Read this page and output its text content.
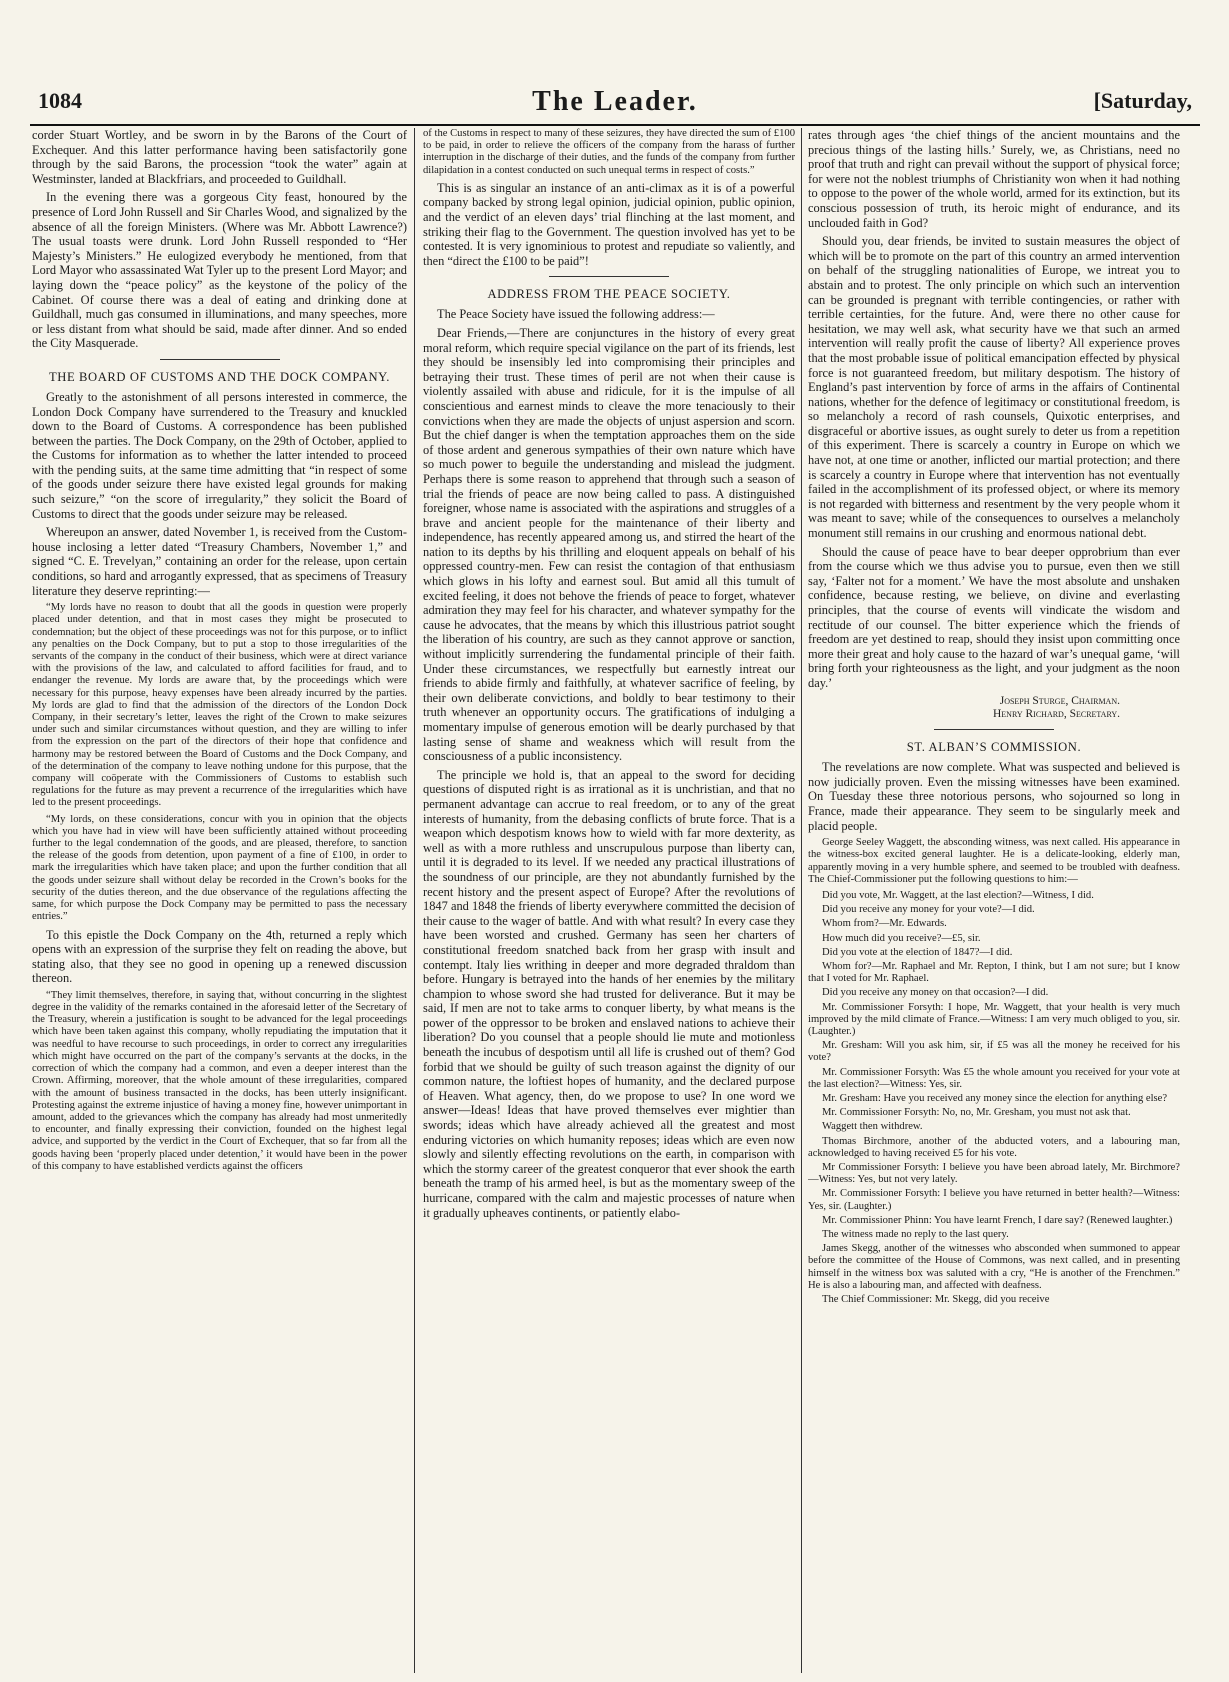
1084	The Leader.	[Saturday,

corder Stuart Wortley, and be sworn in by the Barons of the Court of Exchequer. And this latter performance having been satisfactorily gone through by the said Barons, the procession “took the water” again at Westminster, landed at Blackfriars, and proceeded to Guildhall.

In the evening there was a gorgeous City feast, honoured by the presence of Lord John Russell and Sir Charles Wood, and signalized by the absence of all the foreign Ministers. (Where was Mr. Abbott Lawrence?) The usual toasts were drunk. Lord John Russell responded to “Her Majesty’s Ministers.” He eulogized everybody he mentioned, from that Lord Mayor who assassinated Wat Tyler up to the present Lord Mayor; and laying down the “peace policy” as the keystone of the policy of the Cabinet. Of course there was a deal of eating and drinking done at Guildhall, much gas consumed in illuminations, and many speeches, more or less distant from what should be said, made after dinner. And so ended the City Masquerade.

THE BOARD OF CUSTOMS AND THE DOCK COMPANY.

Greatly to the astonishment of all persons interested in commerce, the London Dock Company have surrendered to the Treasury and knuckled down to the Board of Customs. A correspondence has been published between the parties. The Dock Company, on the 29th of October, applied to the Customs for information as to whether the latter intended to proceed with the pending suits, at the same time admitting that “in respect of some of the goods under seizure there have existed legal grounds for making such seizure,” “on the score of irregularity,” they solicit the Board of Customs to direct that the goods under seizure may be released.

Whereupon an answer, dated November 1, is received from the Custom-house inclosing a letter dated “Treasury Chambers, November 1,” and signed “C. E. Trevelyan,” containing an order for the release, upon certain conditions, so hard and arrogantly expressed, that as specimens of Treasury literature they deserve reprinting:—

“My lords have no reason to doubt that all the goods in question were properly placed under detention, and that in most cases they might be prosecuted to condemnation; but the object of these proceedings was not for this purpose, or to inflict any penalties on the Dock Company, but to put a stop to those irregularities of the servants of the company in the conduct of their business, which were at direct variance with the provisions of the law, and calculated to afford facilities for fraud, and to endanger the revenue. My lords are aware that, by the proceedings which were necessary for this purpose, heavy expenses have been already incurred by the parties. My lords are glad to find that the admission of the directors of the London Dock Company, in their secretary’s letter, leaves the right of the Crown to make seizures under such and similar circumstances without question, and they are willing to infer from the expression on the part of the directors of their hope that confidence and harmony may be restored between the Board of Customs and the Dock Company, and of the determination of the company to leave nothing undone for this purpose, that the company will coöperate with the Commissioners of Customs to establish such regulations for the future as may prevent a recurrence of the irregularities which have led to the present proceedings.

“My lords, on these considerations, concur with you in opinion that the objects which you have had in view will have been sufficiently attained without proceeding further to the legal condemnation of the goods, and are pleased, therefore, to sanction the release of the goods from detention, upon payment of a fine of £100, in order to mark the irregularities which have taken place; and upon the further condition that all the goods under seizure shall without delay be recorded in the Crown’s books for the security of the duties thereon, and the due observance of the regulations affecting the same, for which purpose the Dock Company may be permitted to pass the necessary entries.”

To this epistle the Dock Company on the 4th, returned a reply which opens with an expression of the surprise they felt on reading the above, but stating also, that they see no good in opening up a renewed discussion thereon.

“They limit themselves, therefore, in saying that, without concurring in the slightest degree in the validity of the remarks contained in the aforesaid letter of the Secretary of the Treasury, wherein a justification is sought to be advanced for the legal proceedings which have been taken against this company, wholly repudiating the imputation that it was needful to have recourse to such proceedings, in order to correct any irregularities which might have occurred on the part of the company’s servants at the docks, in the correction of which the company had a common, and even a deeper interest than the Crown. Affirming, moreover, that the whole amount of these irregularities, compared with the amount of business transacted in the docks, has been utterly insignificant. Protesting against the extreme injustice of having a money fine, however unimportant in amount, added to the grievances which the company has already had most unmeritedly to encounter, and finally expressing their conviction, founded on the highest legal advice, and supported by the verdict in the Court of Exchequer, that so far from all the goods having been ‘properly placed under detention,’ it would have been in the power of this company to have established verdicts against the officers

of the Customs in respect to many of these seizures, they have directed the sum of £100 to be paid, in order to relieve the officers of the company from the harass of further interruption in the discharge of their duties, and the funds of the company from further dilapidation in a contest conducted on such unequal terms in respect of costs.”

This is as singular an instance of an anti-climax as it is of a powerful company backed by strong legal opinion, judicial opinion, public opinion, and the verdict of an eleven days’ trial flinching at the last moment, and striking their flag to the Government. The question involved has yet to be contested. It is very ignominious to protest and repudiate so valiently, and then “direct the £100 to be paid”!

ADDRESS FROM THE PEACE SOCIETY.

The Peace Society have issued the following address:—

Dear Friends,—There are conjunctures in the history of every great moral reform, which require special vigilance on the part of its friends, lest they should be insensibly led into compromising their principles and betraying their trust. These times of peril are not when their cause is violently assailed with abuse and ridicule, for it is the impulse of all conscientious and earnest minds to cleave the more tenaciously to their convictions when they are made the objects of unjust aspersion and scorn. But the chief danger is when the temptation approaches them on the side of those ardent and generous sympathies of their own nature which have so much power to beguile the understanding and mislead the judgment. Perhaps there is some reason to apprehend that through such a season of trial the friends of peace are now being called to pass. A distinguished foreigner, whose name is associated with the aspirations and struggles of a brave and ancient people for the maintenance of their liberty and independence, has recently appeared among us, and stirred the heart of the nation to its depths by his thrilling and eloquent appeals on behalf of his oppressed country-men. Few can resist the contagion of that enthusiasm which glows in his lofty and earnest soul. But amid all this tumult of excited feeling, it does not behove the friends of peace to forget, whatever admiration they may feel for his character, and whatever sympathy for the cause he advocates, that the means by which this illustrious patriot sought the liberation of his country, are such as they cannot approve or sanction, without implicitly surrendering the fundamental principle of their faith. Under these circumstances, we respectfully but earnestly intreat our friends to abide firmly and faithfully, at whatever sacrifice of feeling, by their own deliberate convictions, and boldly to bear testimony to their truth whenever an opportunity occurs. The gratifications of indulging a momentary impulse of generous emotion will be dearly purchased by that lasting sense of shame and weakness which will result from the consciousness of a public inconsistency.

The principle we hold is, that an appeal to the sword for deciding questions of disputed right is as irrational as it is unchristian, and that no permanent advantage can accrue to real freedom, or to any of the great interests of humanity, from the debasing conflicts of brute force. That is a weapon which despotism knows how to wield with far more dexterity, as well as with a more ruthless and unscrupulous purpose than liberty can, until it is degraded to its level. If we needed any practical illustrations of the soundness of our principle, are they not abundantly furnished by the recent history and the present aspect of Europe? After the revolutions of 1847 and 1848 the friends of liberty everywhere committed the decision of their cause to the wager of battle. And with what result? In every case they have been worsted and crushed. Germany has seen her charters of constitutional freedom snatched back from her grasp with insult and contempt. Italy lies writhing in deeper and more degraded thraldom than before. Hungary is betrayed into the hands of her enemies by the military champion to whose sword she had trusted for deliverance. But it may be said, If men are not to take arms to conquer liberty, by what means is the power of the oppressor to be broken and enslaved nations to achieve their liberation? Do you counsel that a people should lie mute and motionless beneath the incubus of despotism until all life is crushed out of them? God forbid that we should be guilty of such treason against the dignity of our common nature, the loftiest hopes of humanity, and the declared purpose of Heaven. What agency, then, do we propose to use? In one word we answer—Ideas! Ideas that have proved themselves ever mightier than swords; ideas which have already achieved all the greatest and most enduring victories on which humanity reposes; ideas which are even now slowly and silently effecting revolutions on the earth, in comparison with which the stormy career of the greatest conqueror that ever shook the earth beneath the tramp of his armed heel, is but as the momentary sweep of the hurricane, compared with the calm and majestic processes of nature when it gradually upheaves continents, or patiently elabo-

rates through ages ‘the chief things of the ancient mountains and the precious things of the lasting hills.’ Surely, we, as Christians, need no proof that truth and right can prevail without the support of physical force; for were not the noblest triumphs of Christianity won when it had nothing to oppose to the power of the whole world, armed for its extinction, but its conscious possession of truth, its heroic might of endurance, and its unclouded faith in God?

Should you, dear friends, be invited to sustain measures the object of which will be to promote on the part of this country an armed intervention on behalf of the struggling nationalities of Europe, we intreat you to abstain and to protest. The only principle on which such an intervention can be grounded is pregnant with terrible contingencies, or rather with terrible certainties, for the future. And, were there no other cause for hesitation, we may well ask, what security have we that such an armed intervention will really profit the cause of liberty? All experience proves that the most probable issue of political emancipation effected by physical force is not guaranteed freedom, but military despotism. The history of England’s past intervention by force of arms in the affairs of Continental nations, whether for the defence of legitimacy or constitutional freedom, is so melancholy a record of rash counsels, Quixotic enterprises, and disgraceful or abortive issues, as ought surely to deter us from a repetition of this experiment. There is scarcely a country in Europe on which we have not, at one time or another, inflicted our martial protection; and there is scarcely a country in Europe where that intervention has not eventually failed in the accomplishment of its professed object, or where its memory is not regarded with bitterness and resentment by the very people whom it was meant to save; while of the consequences to ourselves a melancholy monument still remains in our crushing and enormous national debt.

Should the cause of peace have to bear deeper opprobrium than ever from the course which we thus advise you to pursue, even then we still say, ‘Falter not for a moment.’ We have the most absolute and unshaken confidence, because resting, we believe, on divine and everlasting principles, that the course of events will vindicate the wisdom and rectitude of our counsel. The bitter experience which the friends of freedom are yet destined to reap, should they insist upon committing once more their great and holy cause to the hazard of war’s unequal game, ‘will bring forth your righteousness as the light, and your judgment as the noon day.’

Joseph Sturge, Chairman.

Henry Richard, Secretary.

ST. ALBAN’S COMMISSION.

The revelations are now complete. What was suspected and believed is now judicially proven. Even the missing witnesses have been examined. On Tuesday these three notorious persons, who sojourned so long in France, made their appearance. They seem to be singularly meek and placid people.

George Seeley Waggett, the absconding witness, was next called. His appearance in the witness-box excited general laughter. He is a delicate-looking, elderly man, apparently moving in a very humble sphere, and seemed to be troubled with deafness. The Chief-Commissioner put the following questions to him:—

Did you vote, Mr. Waggett, at the last election?—Witness, I did.

Did you receive any money for your vote?—I did.

Whom from?—Mr. Edwards.

How much did you receive?—£5, sir.

Did you vote at the election of 1847?—I did.

Whom for?—Mr. Raphael and Mr. Repton, I think, but I am not sure; but I know that I voted for Mr. Raphael.

Did you receive any money on that occasion?—I did.

Mr. Commissioner Forsyth: I hope, Mr. Waggett, that your health is very much improved by the mild climate of France.—Witness: I am very much obliged to you, sir. (Laughter.)

Mr. Gresham: Will you ask him, sir, if £5 was all the money he received for his vote?

Mr. Commissioner Forsyth: Was £5 the whole amount you received for your vote at the last election?—Witness: Yes, sir.

Mr. Gresham: Have you received any money since the election for anything else?

Mr. Commissioner Forsyth: No, no, Mr. Gresham, you must not ask that.

Waggett then withdrew.

Thomas Birchmore, another of the abducted voters, and a labouring man, acknowledged to having received £5 for his vote.

Mr Commissioner Forsyth: I believe you have been abroad lately, Mr. Birchmore?—Witness: Yes, but not very lately.

Mr. Commissioner Forsyth: I believe you have returned in better health?—Witness: Yes, sir. (Laughter.)

Mr. Commissioner Phinn: You have learnt French, I dare say? (Renewed laughter.)

The witness made no reply to the last query.

James Skegg, another of the witnesses who absconded when summoned to appear before the committee of the House of Commons, was next called, and in presenting himself in the witness box was saluted with a cry, “He is another of the Frenchmen.” He is also a labouring man, and affected with deafness.

The Chief Commissioner: Mr. Skegg, did you receive
